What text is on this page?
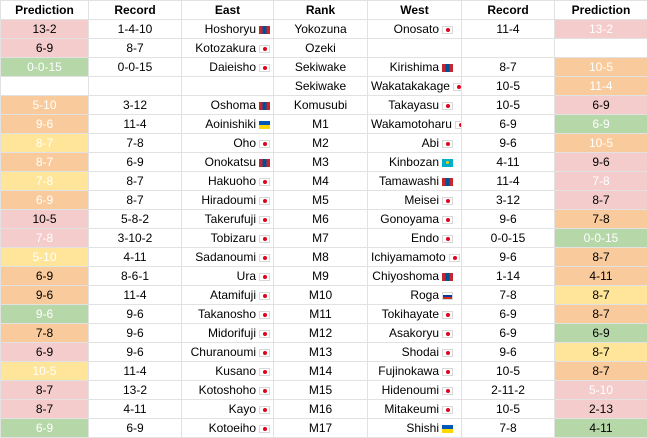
Prediction	Record	East	Rank	West	Record	Prediction
13-2	1-4-10	Hoshoryu	Yokozuna	Onosato	11-4	13-2
6-9	8-7	Kotozakura	Ozeki			
0-0-15	0-0-15	Daieisho	Sekiwake	Kirishima	8-7	10-5
			Sekiwake	Wakatakakage	10-5	11-4
5-10	3-12	Oshoma	Komusubi	Takayasu	10-5	6-9
9-6	11-4	Aoinishiki	M1	Wakamotoharu	6-9	6-9
8-7	7-8	Oho	M2	Abi	9-6	10-5
8-7	6-9	Onokatsu	M3	Kinbozan	4-11	9-6
7-8	8-7	Hakuoho	M4	Tamawashi	11-4	7-8
6-9	8-7	Hiradoumi	M5	Meisei	3-12	8-7
10-5	5-8-2	Takerufuji	M6	Gonoyama	9-6	7-8
7-8	3-10-2	Tobizaru	M7	Endo	0-0-15	0-0-15
5-10	4-11	Sadanoumi	M8	Ichiyamamoto	9-6	8-7
6-9	8-6-1	Ura	M9	Chiyoshoma	1-14	4-11
9-6	11-4	Atamifuji	M10	Roga	7-8	8-7
9-6	9-6	Takanosho	M11	Tokihayate	6-9	8-7
7-8	9-6	Midorifuji	M12	Asakoryu	6-9	6-9
6-9	9-6	Churanoumi	M13	Shodai	9-6	8-7
10-5	11-4	Kusano	M14	Fujinokawa	10-5	8-7
8-7	13-2	Kotoshoho	M15	Hidenoumi	2-11-2	5-10
8-7	4-11	Kayo	M16	Mitakeumi	10-5	2-13
6-9	6-9	Kotoeiho	M17	Shishi	7-8	4-11
